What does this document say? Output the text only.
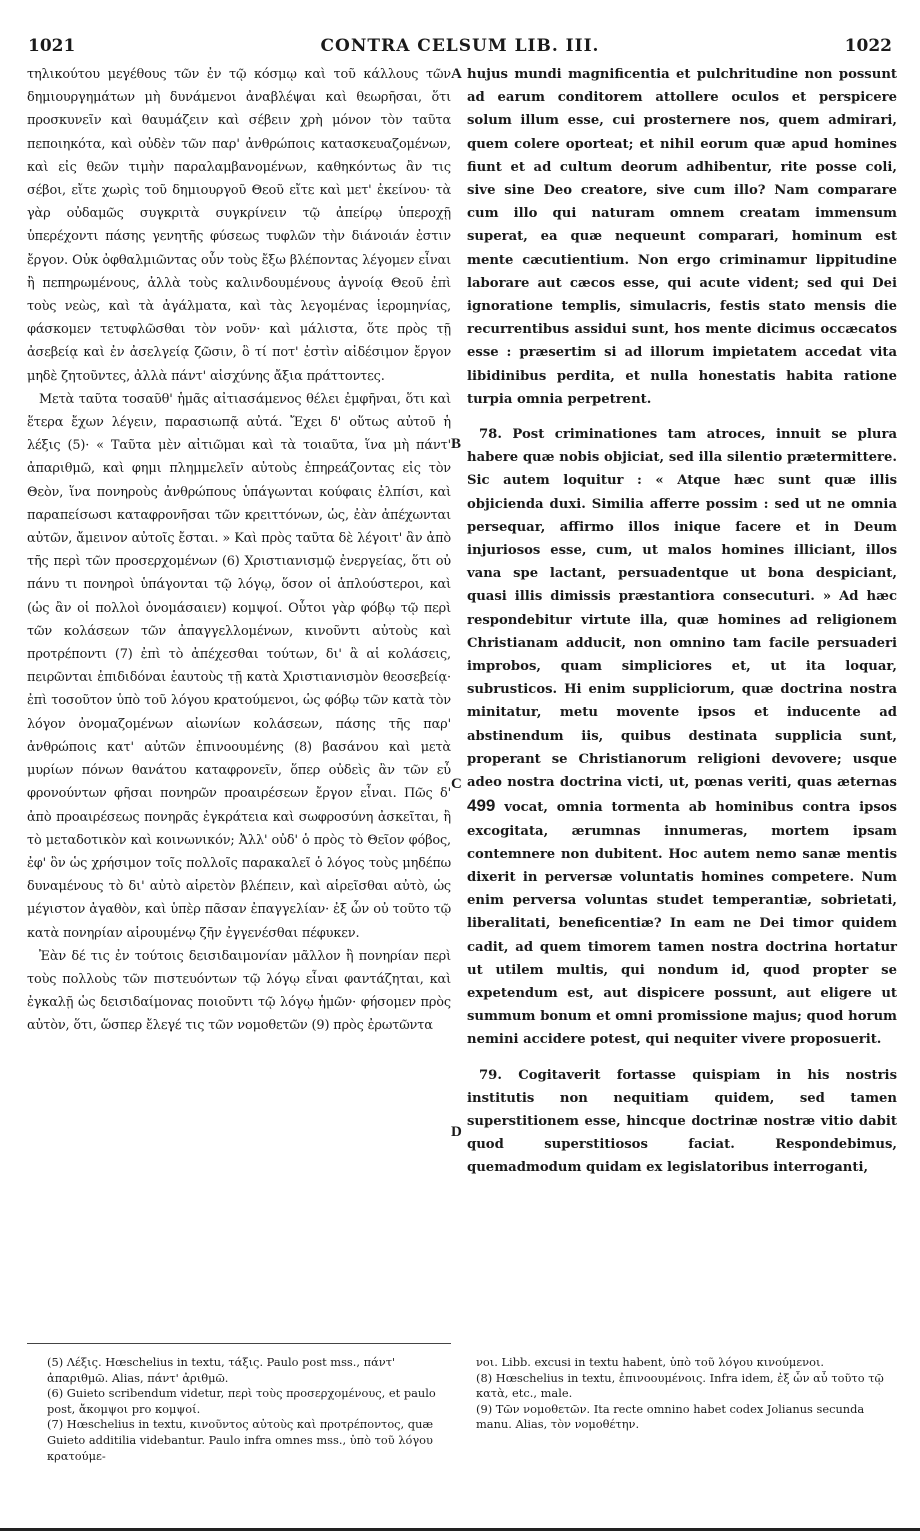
1021	CONTRA CELSUM LIB. III.	1022

τηλικούτου μεγέθους τῶν ἐν τῷ κόσμῳ καὶ τοῦ κάλλους τῶν δημιουργημάτων μὴ δυνάμενοι ἀναβλέψαι καὶ θεωρῆσαι, ὅτι προσκυνεῖν καὶ θαυμάζειν καὶ σέβειν χρὴ μόνον τὸν ταῦτα πεποιηκότα, καὶ οὐδὲν τῶν παρ' ἀνθρώποις κατασκευαζομένων, καὶ εἰς θεῶν τιμὴν παραλαμβανομένων, καθηκόντως ἂν τις σέβοι, εἴτε χωρὶς τοῦ δημιουργοῦ Θεοῦ εἴτε καὶ μετ' ἐκείνου· τὰ γὰρ οὐδαμῶς συγκριτὰ συγκρίνειν τῷ ἀπείρῳ ὑπεροχῇ ὑπερέχοντι πάσης γενητῆς φύσεως τυφλῶν τὴν διάνοιάν ἐστιν ἔργον. Οὐκ ὀφθαλμιῶντας οὖν τοὺς ἔξω βλέποντας λέγομεν εἶναι ἢ πεπηρωμένους, ἀλλὰ τοὺς καλινδουμένους ἀγνοίᾳ Θεοῦ ἐπὶ τοὺς νεὼς, καὶ τὰ ἀγάλματα, καὶ τὰς λεγομένας ἱερομηνίας, φάσκομεν τετυφλῶσθαι τὸν νοῦν· καὶ μάλιστα, ὅτε πρὸς τῇ ἀσεβείᾳ καὶ ἐν ἀσελγείᾳ ζῶσιν, ὃ τί ποτ' ἐστὶν αἰδέσιμον ἔργον μηδὲ ζητοῦντες, ἀλλὰ πάντ' αἰσχύνης ἄξια πράττοντες.

Μετὰ ταῦτα τοσαῦθ' ἡμᾶς αἰτιασάμενος θέλει ἐμφῆναι, ὅτι καὶ ἕτερα ἔχων λέγειν, παρασιωπᾷ αὐτά. Ἔχει δ' οὕτως αὐτοῦ ἡ λέξις (5)· « Ταῦτα μὲν αἰτιῶμαι καὶ τὰ τοιαῦτα, ἵνα μὴ πάντ' ἀπαριθμῶ, καὶ φημι πλημμελεῖν αὐτοὺς ἐπηρεάζοντας εἰς τὸν Θεὸν, ἵνα πονηροὺς ἀνθρώπους ὑπάγωνται κούφαις ἐλπίσι, καὶ παραπείσωσι καταφρονῆσαι τῶν κρειττόνων, ὡς, ἐὰν ἀπέχωνται αὐτῶν, ἄμεινον αὐτοῖς ἔσται. » Καὶ πρὸς ταῦτα δὲ λέγοιτ' ἂν ἀπὸ τῆς περὶ τῶν προσερχομένων (6) Χριστιανισμῷ ἐνεργείας, ὅτι οὐ πάνυ τι πονηροὶ ὑπάγονται τῷ λόγῳ, ὅσον οἱ ἁπλούστεροι, καὶ (ὡς ἂν οἱ πολλοὶ ὀνομάσαιεν) κομψοί. Οὗτοι γὰρ φόβῳ τῷ περὶ τῶν κολάσεων τῶν ἀπαγγελλομένων, κινοῦντι αὐτοὺς καὶ προτρέποντι (7) ἐπὶ τὸ ἀπέχεσθαι τούτων, δι' ἃ αἱ κολάσεις, πειρῶνται ἐπιδιδόναι ἑαυτοὺς τῇ κατὰ Χριστιανισμὸν θεοσεβείᾳ· ἐπὶ τοσοῦτον ὑπὸ τοῦ λόγου κρατούμενοι, ὡς φόβῳ τῶν κατὰ τὸν λόγον ὀνομαζομένων αἰωνίων κολάσεων, πάσης τῆς παρ' ἀνθρώποις κατ' αὐτῶν ἐπινοουμένης (8) βασάνου καὶ μετὰ μυρίων πόνων θανάτου καταφρονεῖν, ὅπερ οὐδεὶς ἂν τῶν εὖ φρονούντων φῆσαι πονηρῶν προαιρέσεων ἔργον εἶναι. Πῶς δ' ἀπὸ προαιρέσεως πονηρᾶς ἐγκράτεια καὶ σωφροσύνη ἀσκεῖται, ἢ τὸ μεταδοτικὸν καὶ κοινωνικόν; Ἀλλ' οὐδ' ὁ πρὸς τὸ Θεῖον φόβος, ἐφ' ὃν ὡς χρήσιμον τοῖς πολλοῖς παρακαλεῖ ὁ λόγος τοὺς μηδέπω δυναμένους τὸ δι' αὐτὸ αἱρετὸν βλέπειν, καὶ αἱρεῖσθαι αὐτὸ, ὡς μέγιστον ἀγαθὸν, καὶ ὑπὲρ πᾶσαν ἐπαγγελίαν· ἐξ ὧν οὐ τοῦτο τῷ κατὰ πονηρίαν αἱρουμένῳ ζῆν ἐγγενέσθαι πέφυκεν.

Ἐὰν δέ τις ἐν τούτοις δεισιδαιμονίαν μᾶλλον ἢ πονηρίαν περὶ τοὺς πολλοὺς τῶν πιστευόντων τῷ λόγῳ εἶναι φαντάζηται, καὶ ἐγκαλῇ ὡς δεισιδαίμονας ποιοῦντι τῷ λόγῳ ἡμῶν· φήσομεν πρὸς αὐτὸν, ὅτι, ὥσπερ ἔλεγέ τις τῶν νομοθετῶν (9) πρὸς ἐρωτῶντα

A
B
C
D

hujus mundi magnificentia et pulchritudine non possunt ad earum conditorem attollere oculos et perspicere solum illum esse, cui prosternere nos, quem admirari, quem colere oporteat; et nihil eorum quæ apud homines fiunt et ad cultum deorum adhibentur, rite posse coli, sive sine Deo creatore, sive cum illo? Nam comparare cum illo qui naturam omnem creatam immensum superat, ea quæ nequeunt comparari, hominum est mente cæcutientium. Non ergo criminamur lippitudine laborare aut cæcos esse, qui acute vident; sed qui Dei ignoratione templis, simulacris, festis stato mensis die recurrentibus assidui sunt, hos mente dicimus occæcatos esse : præsertim si ad illorum impietatem accedat vita libidinibus perdita, et nulla honestatis habita ratione turpia omnia perpetrent.

78. Post criminationes tam atroces, innuit se plura habere quæ nobis objiciat, sed illa silentio prætermittere. Sic autem loquitur : « Atque hæc sunt quæ illis objicienda duxi. Similia afferre possim : sed ut ne omnia persequar, affirmo illos inique facere et in Deum injuriosos esse, cum, ut malos homines illiciant, illos vana spe lactant, persuadentque ut bona despiciant, quasi illis dimissis præstantiora consecuturi. » Ad hæc respondebitur virtute illa, quæ homines ad religionem Christianam adducit, non omnino tam facile persuaderi improbos, quam simpliciores et, ut ita loquar, subrusticos. Hi enim suppliciorum, quæ doctrina nostra minitatur, metu movente ipsos et inducente ad abstinendum iis, quibus destinata supplicia sunt, properant se Christianorum religioni devovere; usque adeo nostra doctrina victi, ut, pœnas veriti, quas æternas 499 vocat, omnia tormenta ab hominibus contra ipsos excogitata, ærumnas innumeras, mortem ipsam contemnere non dubitent. Hoc autem nemo sanæ mentis dixerit in perversæ voluntatis homines competere. Num enim perversa voluntas studet temperantiæ, sobrietati, liberalitati, beneficentiæ? In eam ne Dei timor quidem cadit, ad quem timorem tamen nostra doctrina hortatur ut utilem multis, qui nondum id, quod propter se expetendum est, aut dispicere possunt, aut eligere ut summum bonum et omni promissione majus; quod horum nemini accidere potest, qui nequiter vivere proposuerit.

79. Cogitaverit fortasse quispiam in his nostris institutis non nequitiam quidem, sed tamen superstitionem esse, hincque doctrinæ nostræ vitio dabit quod superstitiosos faciat. Respondebimus, quemadmodum quidam ex legislatoribus interroganti,

(5) Λέξις. Hœschelius in textu, τάξις. Paulo post mss., πάντ' ἀπαριθμῶ. Alias, πάντ' ἀριθμῶ.

(6) Guieto scribendum videtur, περὶ τοὺς προσερχομένους, et paulo post, ἄκομψοι pro κομψοί.

(7) Hœschelius in textu, κινοῦντος αὐτοὺς καὶ προτρέποντος, quæ Guieto additilia videbantur. Paulo infra omnes mss., ὑπὸ τοῦ λόγου κρατούμε-

νοι. Libb. excusi in textu habent, ὑπὸ τοῦ λόγου κινούμενοι.

(8) Hœschelius in textu, ἐπινοουμένοις. Infra idem, ἐξ ὧν αὖ τοῦτο τῷ κατὰ, etc., male.

(9) Τῶν νομοθετῶν. Ita recte omnino habet codex Jolianus secunda manu. Alias, τὸν νομοθέτην.
